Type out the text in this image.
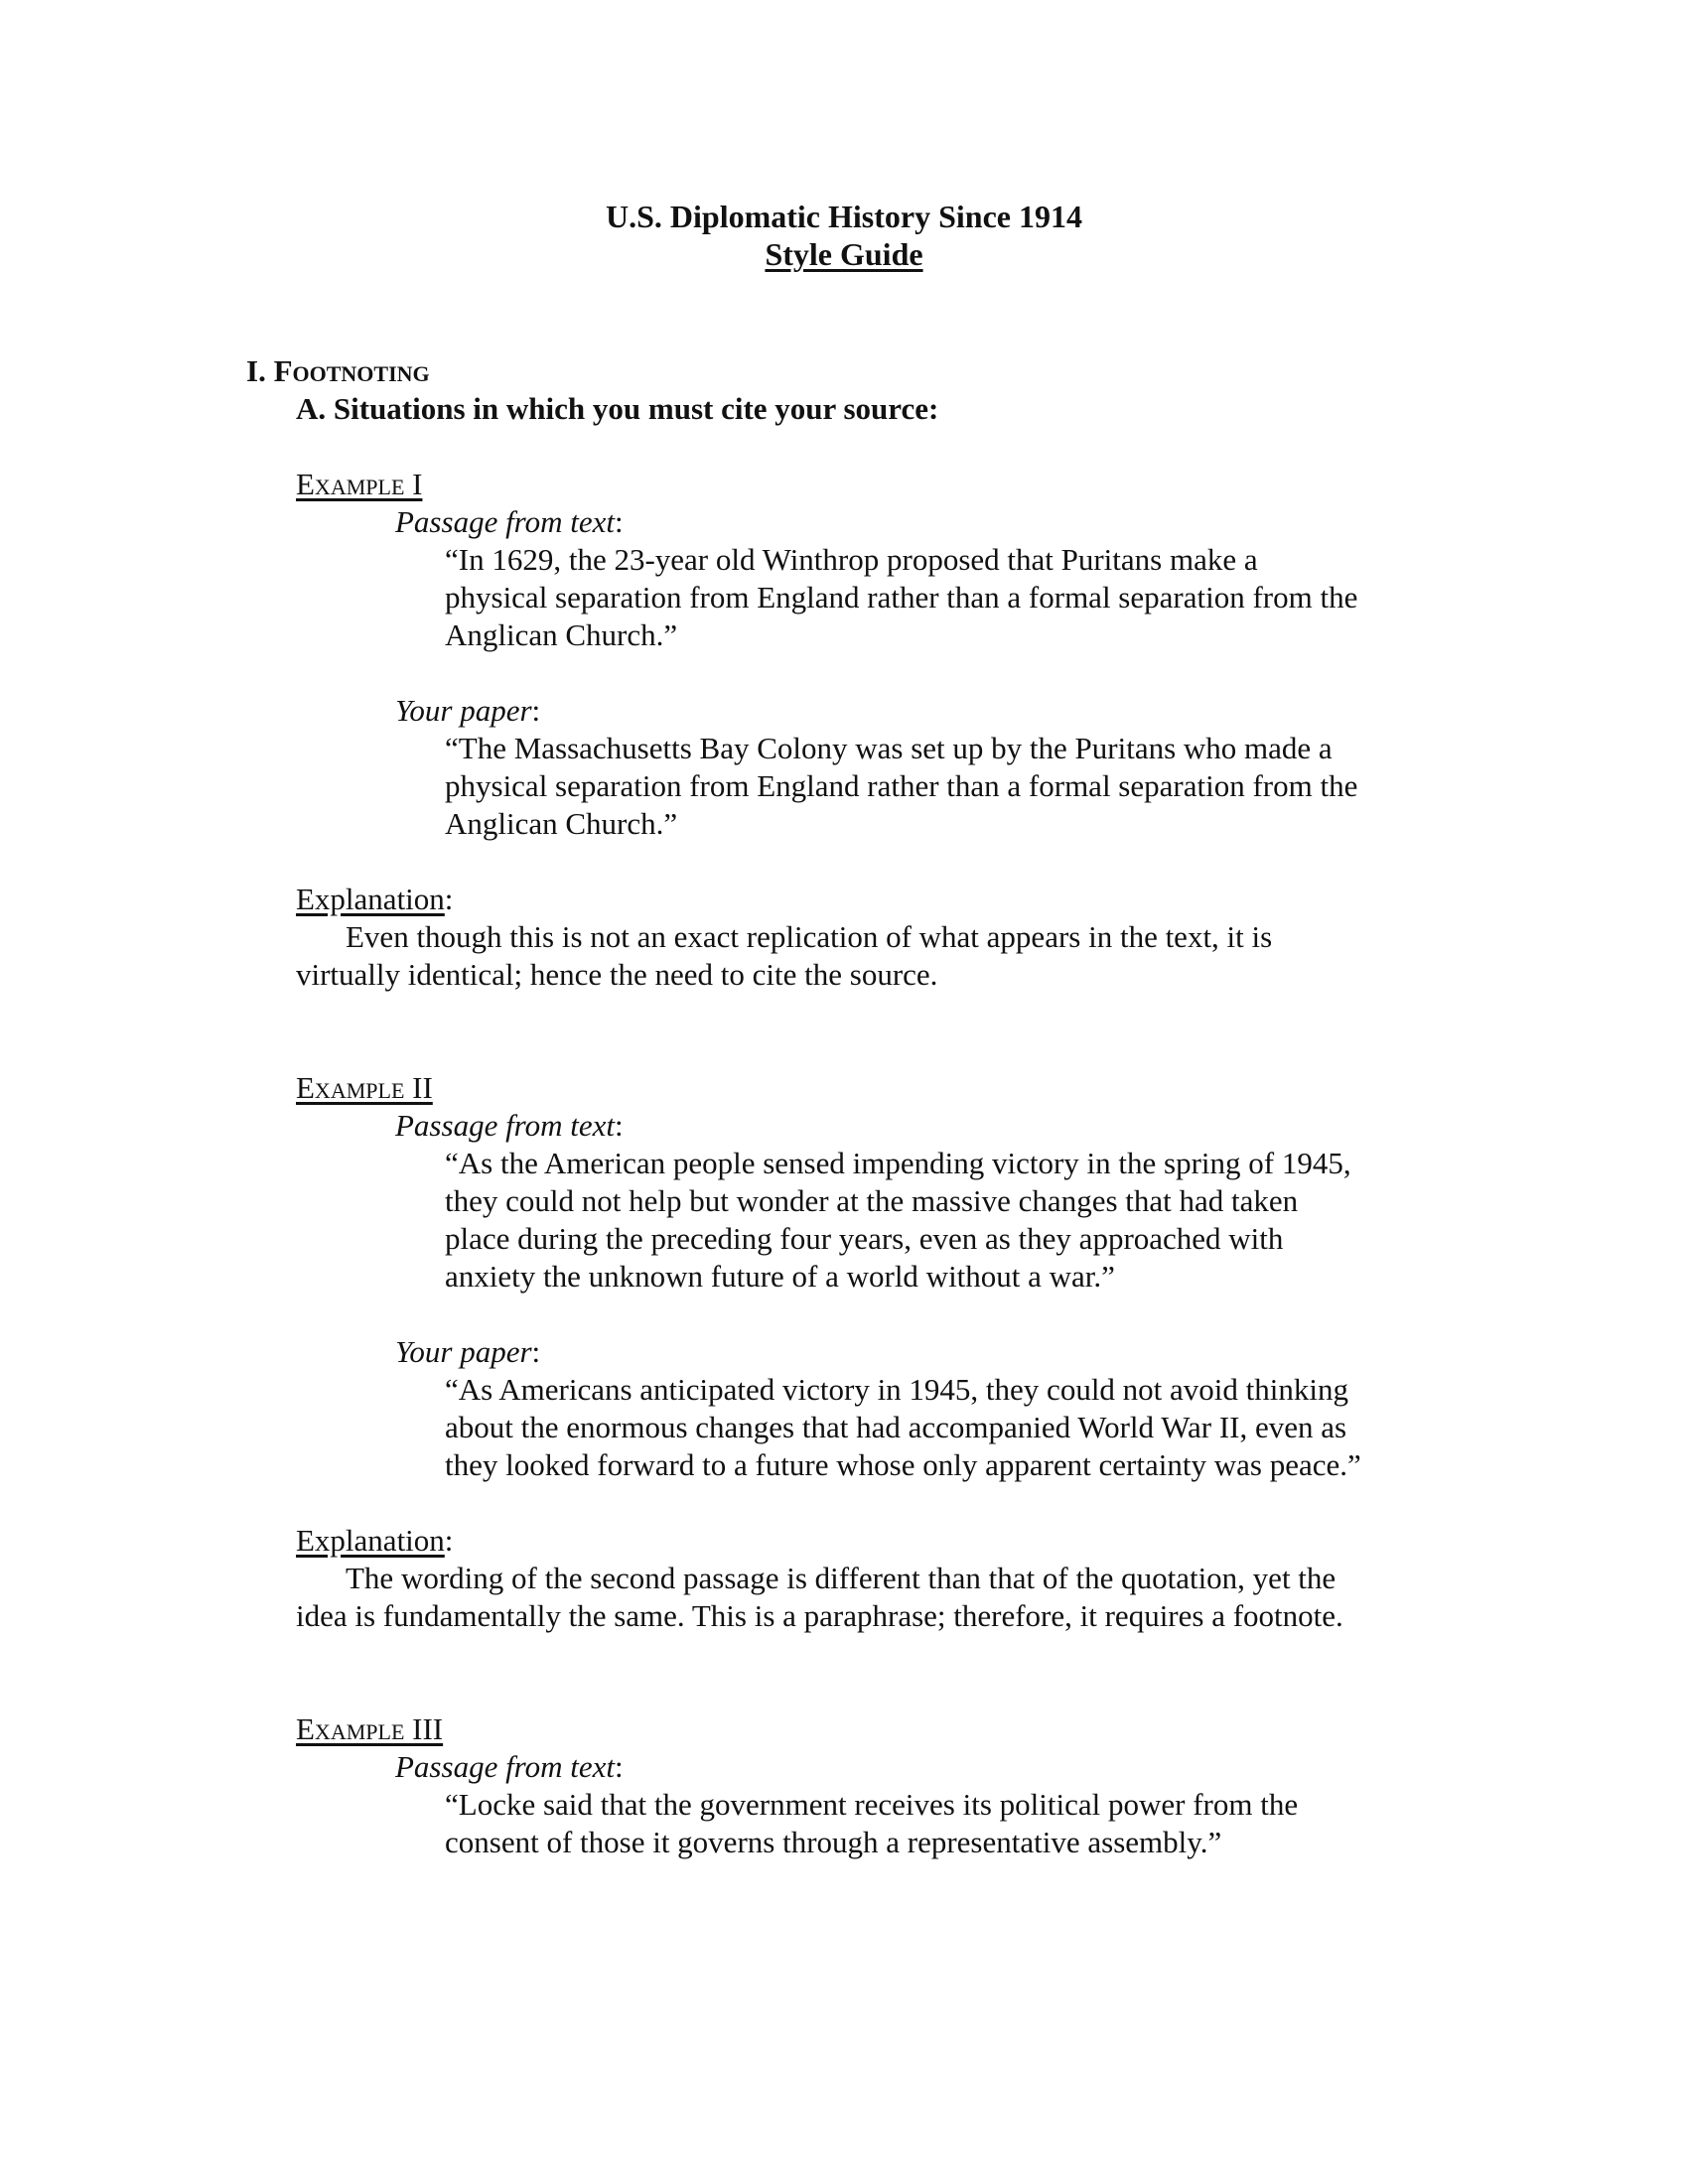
U.S. Diplomatic History Since 1914
Style Guide
I. Footnoting
A. Situations in which you must cite your source:
Example I
Passage from text:
“In 1629, the 23-year old Winthrop proposed that Puritans make a
physical separation from England rather than a formal separation from the
Anglican Church.”
Your paper:
“The Massachusetts Bay Colony was set up by the Puritans who made a
physical separation from England rather than a formal separation from the
Anglican Church.”
Explanation:
Even though this is not an exact replication of what appears in the text, it is
virtually identical; hence the need to cite the source.
Example II
Passage from text:
“As the American people sensed impending victory in the spring of 1945,
they could not help but wonder at the massive changes that had taken
place during the preceding four years, even as they approached with
anxiety the unknown future of a world without a war.”
Your paper:
“As Americans anticipated victory in 1945, they could not avoid thinking
about the enormous changes that had accompanied World War II, even as
they looked forward to a future whose only apparent certainty was peace.”
Explanation:
The wording of the second passage is different than that of the quotation, yet the
idea is fundamentally the same. This is a paraphrase; therefore, it requires a footnote.
Example III
Passage from text:
“Locke said that the government receives its political power from the
consent of those it governs through a representative assembly.”
